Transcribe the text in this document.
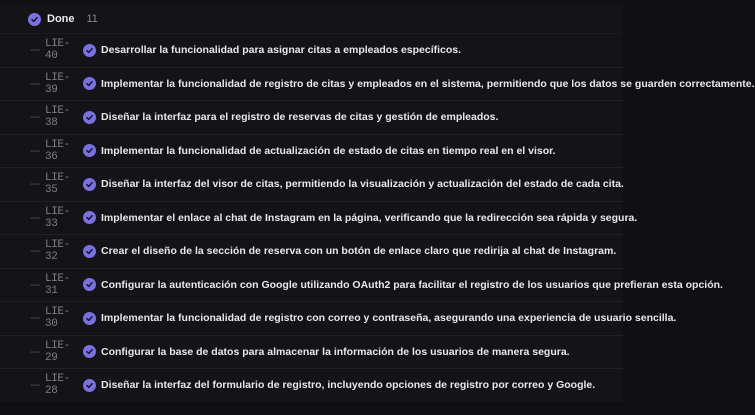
Done 11
--- LIE-40	Desarrollar la funcionalidad para asignar citas a empleados específicos.
--- LIE-39	Implementar la funcionalidad de registro de citas y empleados en el sistema, permitiendo que los datos se guarden correctamente.
--- LIE-38	Diseñar la interfaz para el registro de reservas de citas y gestión de empleados.
--- LIE-36	Implementar la funcionalidad de actualización de estado de citas en tiempo real en el visor.
--- LIE-35	Diseñar la interfaz del visor de citas, permitiendo la visualización y actualización del estado de cada cita.
--- LIE-33	Implementar el enlace al chat de Instagram en la página, verificando que la redirección sea rápida y segura.
--- LIE-32	Crear el diseño de la sección de reserva con un botón de enlace claro que redirija al chat de Instagram.
--- LIE-31	Configurar la autenticación con Google utilizando OAuth2 para facilitar el registro de los usuarios que prefieran esta opción.
--- LIE-30	Implementar la funcionalidad de registro con correo y contraseña, asegurando una experiencia de usuario sencilla.
--- LIE-29	Configurar la base de datos para almacenar la información de los usuarios de manera segura.
--- LIE-28	Diseñar la interfaz del formulario de registro, incluyendo opciones de registro por correo y Google.
